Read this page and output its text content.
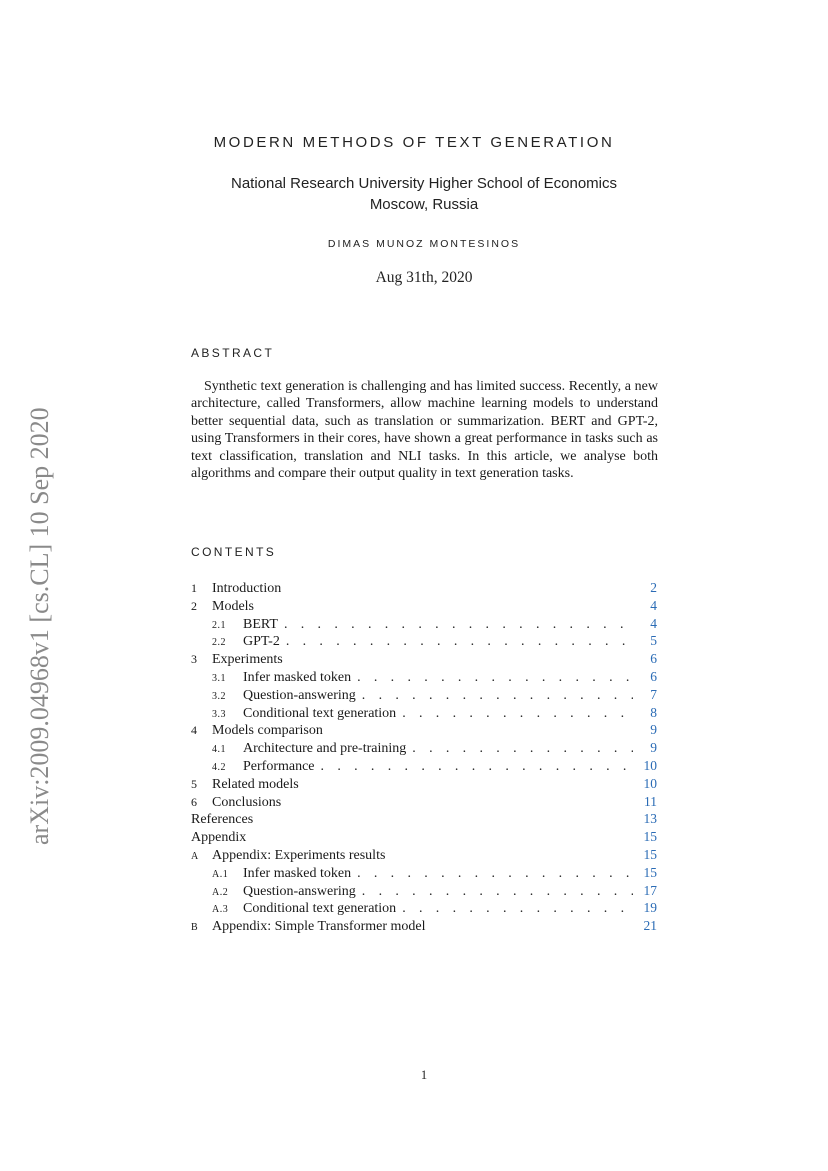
arXiv:2009.04968v1 [cs.CL] 10 Sep 2020
MODERN METHODS OF TEXT GENERATION
National Research University Higher School of Economics
Moscow, Russia
DIMAS MUNOZ MONTESINOS
Aug 31th, 2020
ABSTRACT
Synthetic text generation is challenging and has limited success. Recently, a new architecture, called Transformers, allow machine learning models to understand better sequential data, such as translation or summarization. BERT and GPT-2, using Transformers in their cores, have shown a great performance in tasks such as text classification, translation and NLI tasks. In this article, we analyse both algorithms and compare their output quality in text generation tasks.
CONTENTS
1	Introduction	2
2	Models	4
2.1	BERT . . .	4
2.2	GPT-2 . . .	5
3	Experiments	6
3.1	Infer masked token . . .	6
3.2	Question-answering . . .	7
3.3	Conditional text generation . . .	8
4	Models comparison	9
4.1	Architecture and pre-training . . .	9
4.2	Performance . . .	10
5	Related models	10
6	Conclusions	11
References	13
Appendix	15
A Appendix: Experiments results	15
A.1	Infer masked token . . .	15
A.2	Question-answering . . .	17
A.3	Conditional text generation . . .	19
B Appendix: Simple Transformer model	21
1
